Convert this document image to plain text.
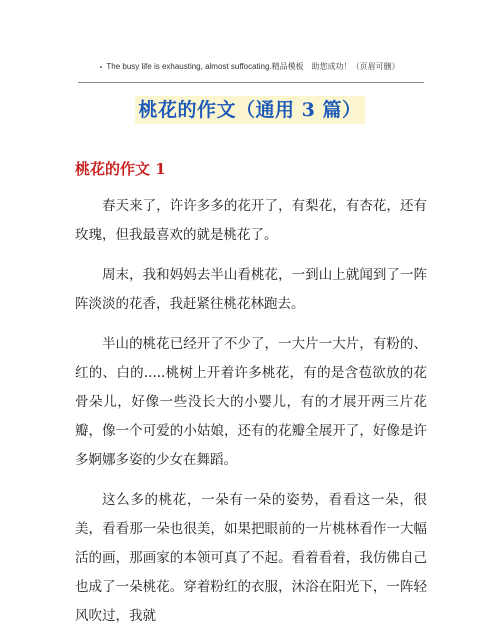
The busy life is exhausting, almost suffocating.精品模板　助您成功！（页眉可删）
桃花的作文（通用 3 篇）
桃花的作文 1

春天来了，许许多多的花开了，有梨花，有杏花，还有玫瑰，但我最喜欢的就是桃花了。

周末，我和妈妈去半山看桃花，一到山上就闻到了一阵阵淡淡的花香，我赶紧往桃花林跑去。

半山的桃花已经开了不少了，一大片一大片，有粉的、红的、白的.....桃树上开着许多桃花，有的是含苞欲放的花骨朵儿，好像一些没长大的小婴儿，有的才展开两三片花瓣，像一个可爱的小姑娘，还有的花瓣全展开了，好像是许多婀娜多姿的少女在舞蹈。

这么多的桃花，一朵有一朵的姿势，看看这一朵，很美，看看那一朵也很美，如果把眼前的一片桃林看作一大幅活的画，那画家的本领可真了不起。看着看着，我仿佛自己也成了一朵桃花。穿着粉红的衣服，沐浴在阳光下，一阵轻风吹过，我就
